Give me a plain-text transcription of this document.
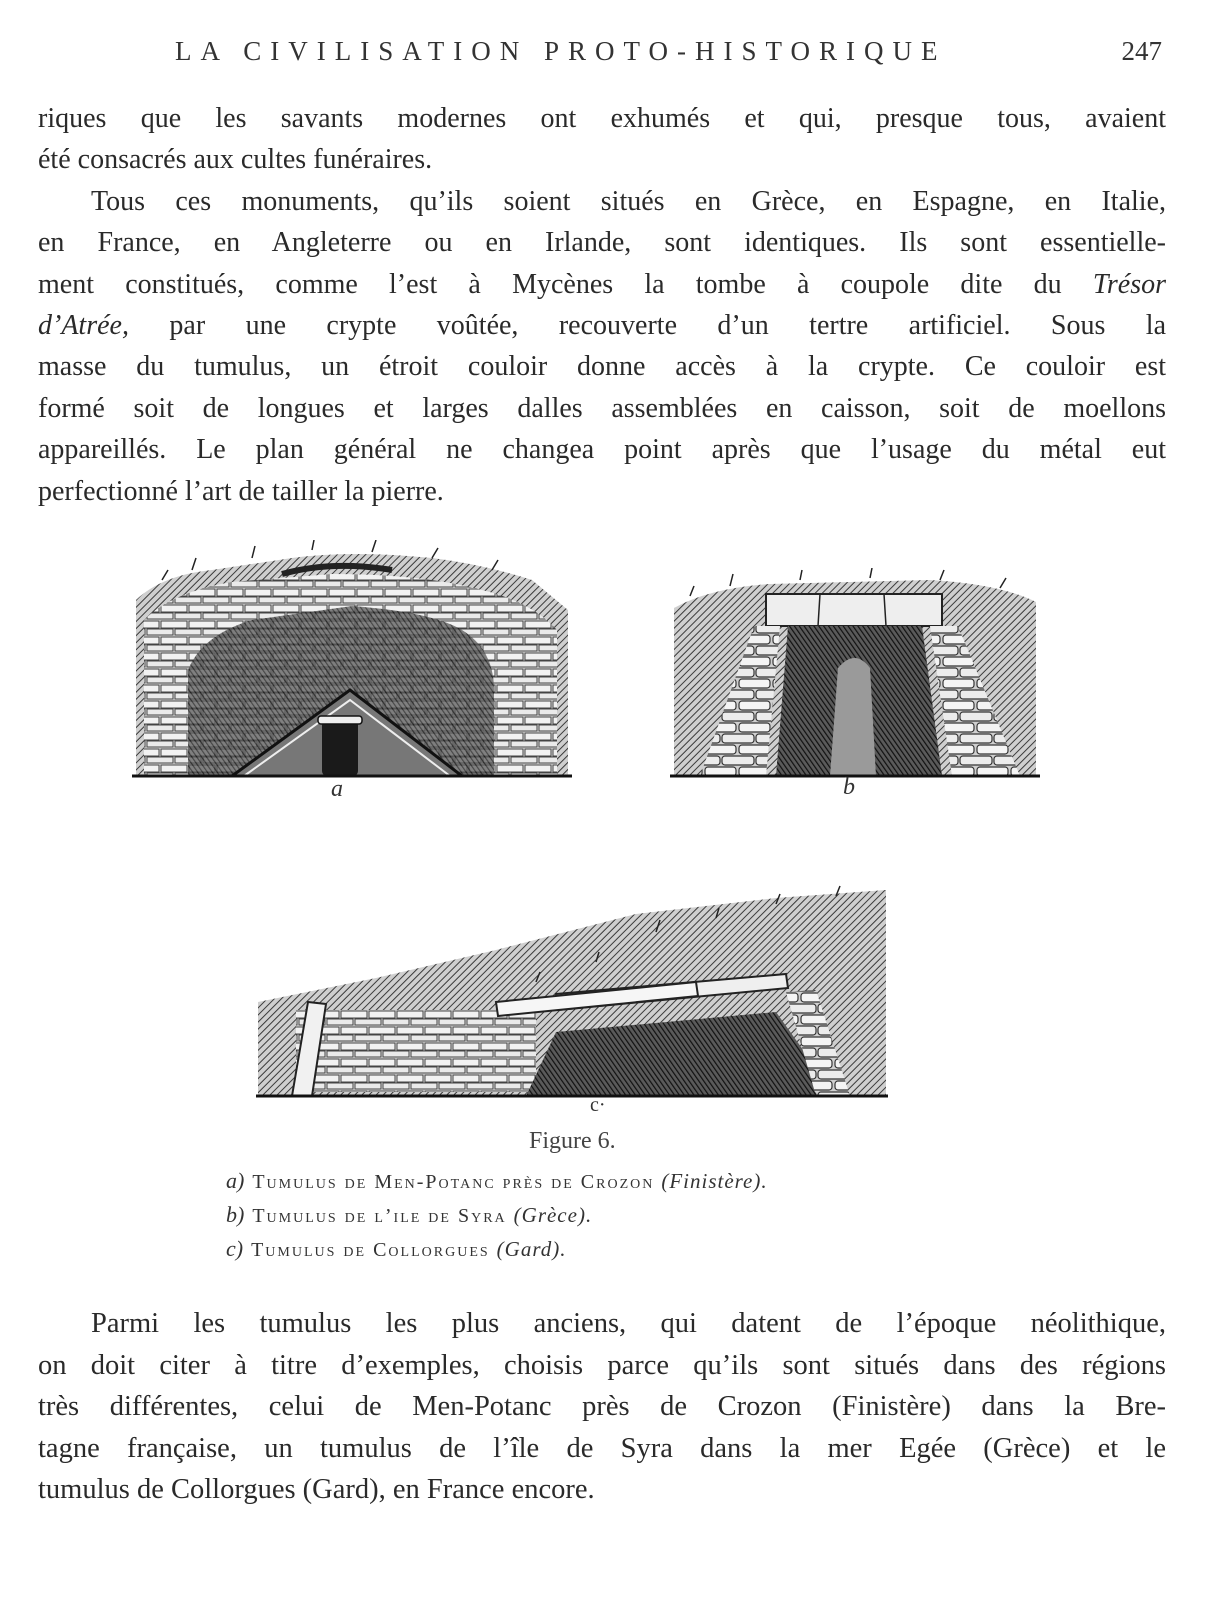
LA CIVILISATION PROTO-HISTORIQUE	247
riques que les savants modernes ont exhumés et qui, presque tous, avaient
été consacrés aux cultes funéraires.
Tous ces monuments, qu’ils soient situés en Grèce, en Espagne, en Italie,
en France, en Angleterre ou en Irlande, sont identiques. Ils sont essentielle-
ment constitués, comme l’est à Mycènes la tombe à coupole dite du Trésor
d’Atrée, par une crypte voûtée, recouverte d’un tertre artificiel. Sous la
masse du tumulus, un étroit couloir donne accès à la crypte. Ce couloir est
formé soit de longues et larges dalles assemblées en caisson, soit de moellons
appareillés. Le plan général ne changea point après que l’usage du métal eut
perfectionné l’art de tailler la pierre.
a	b
c·
Figure 6.
a) Tumulus de Men-Potanc près de Crozon (Finistère).
b) Tumulus de l’ile de Syra (Grèce).
c) Tumulus de Collorgues (Gard).
Parmi les tumulus les plus anciens, qui datent de l’époque néolithique,
on doit citer à titre d’exemples, choisis parce qu’ils sont situés dans des régions
très différentes, celui de Men-Potanc près de Crozon (Finistère) dans la Bre-
tagne française, un tumulus de l’île de Syra dans la mer Egée (Grèce) et le
tumulus de Collorgues (Gard), en France encore.
